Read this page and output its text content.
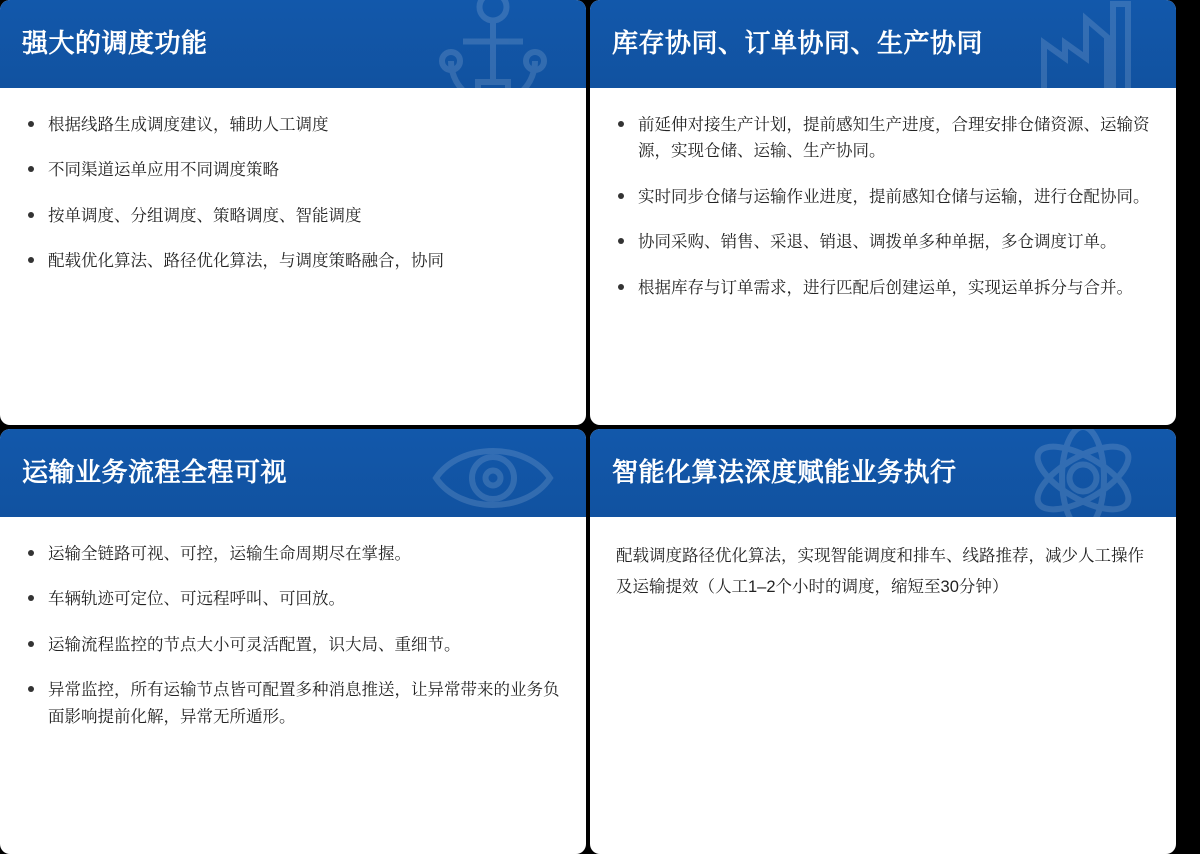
强大的调度功能
根据线路生成调度建议，辅助人工调度
不同渠道运单应用不同调度策略
按单调度、分组调度、策略调度、智能调度
配载优化算法、路径优化算法，与调度策略融合，协同
库存协同、订单协同、生产协同
前延伸对接生产计划，提前感知生产进度，合理安排仓储资源、运输资源，实现仓储、运输、生产协同。
实时同步仓储与运输作业进度，提前感知仓储与运输，进行仓配协同。
协同采购、销售、采退、销退、调拨单多种单据，多仓调度订单。
根据库存与订单需求，进行匹配后创建运单，实现运单拆分与合并。
运输业务流程全程可视
运输全链路可视、可控，运输生命周期尽在掌握。
车辆轨迹可定位、可远程呼叫、可回放。
运输流程监控的节点大小可灵活配置，识大局、重细节。
异常监控，所有运输节点皆可配置多种消息推送，让异常带来的业务负面影响提前化解，异常无所遁形。
智能化算法深度赋能业务执行

配载调度路径优化算法，实现智能调度和排车、线路推荐，减少人工操作及运输提效（人工1–2个小时的调度，缩短至30分钟）
